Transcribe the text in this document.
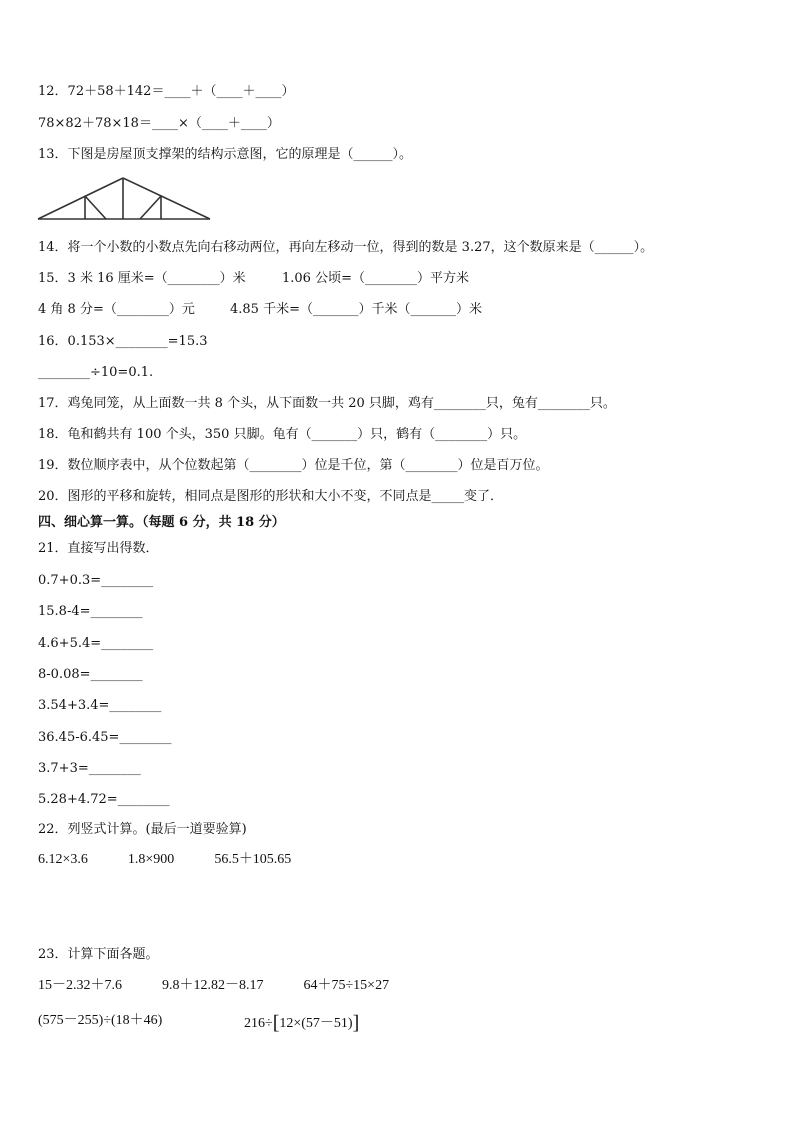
12．72＋58＋142＝____＋（____＋____）
78×82＋78×18＝____×（____＋____）
13．下图是房屋顶支撑架的结构示意图，它的原理是（______）。
14．将一个小数的小数点先向右移动两位，再向左移动一位，得到的数是 3.27，这个数原来是（______）。
15．3 米 16 厘米=（________）米	1.06 公顷=（________）平方米
4 角 8 分=（________）元	4.85 千米=（_______）千米（_______）米
16．0.153×________=15.3
________÷10=0.1.
17．鸡兔同笼，从上面数一共 8 个头，从下面数一共 20 只脚，鸡有________只，兔有________只。
18．龟和鹤共有 100 个头，350 只脚。龟有（_______）只，鹤有（________）只。
19．数位顺序表中，从个位数起第（________）位是千位，第（________）位是百万位。
20．图形的平移和旋转，相同点是图形的形状和大小不变，不同点是_____变了．
四、细心算一算。（每题 6 分，共 18 分）
21．直接写出得数．
0.7+0.3=________
15.8-4=________
4.6+5.4=________
8-0.08=________
3.54+3.4=________
36.45-6.45=________
3.7+3=________
5.28+4.72=________
22．列竖式计算。(最后一道要验算)
6.12×3.6	1.8×900	56.5＋105.65
23．计算下面各题。
15－2.32＋7.6	9.8＋12.82－8.17	64＋75÷15×27
(575－255)÷(18＋46)	216÷[12×(57－51)]
